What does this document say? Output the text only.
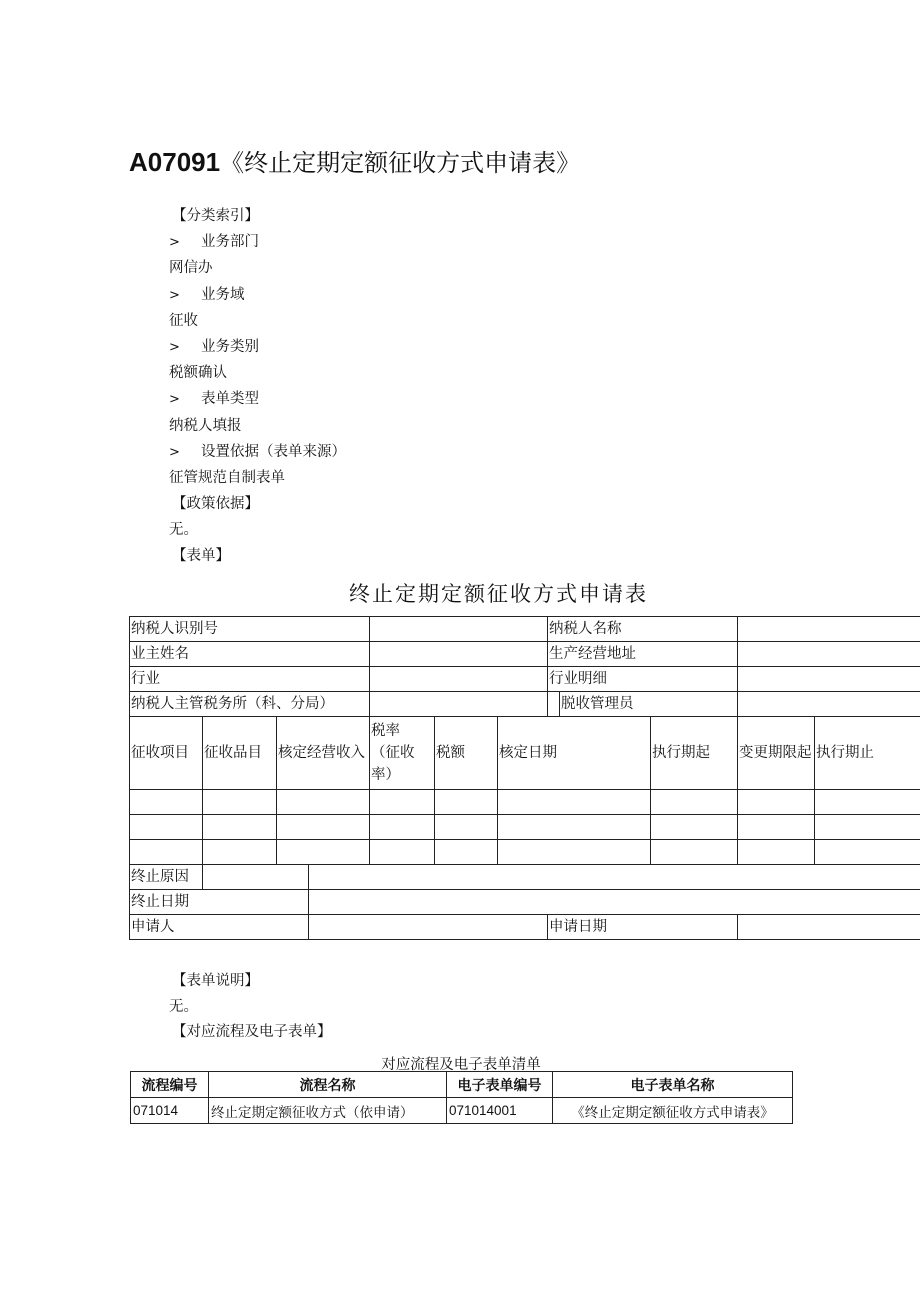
A07091《终止定期定额征收方式申请表》
【分类索引】
> 业务部门
网信办
> 业务域
征收
> 业务类别
税额确认
> 表单类型
纳税人填报
> 设置依据（表单来源）
征管规范自制表单
【政策依据】
无。
【表单】
终止定期定额征收方式申请表
纳税人识别号							纳税人名称				
业主姓名							生产经营地址				
行业							行业明细				
纳税人主管税务所（科、分局）								脱收管理员			
征收项目	征收品目	核定经营收入		税率（征收率）	税额	核定日期			执行期起	变更期限起	执行期止

终止原因											
终止日期											
申请人							申请日期				
【表单说明】
无。
【对应流程及电子表单】
对应流程及电子表单清单
流程编号	流程名称	电子表单编号	电子表单名称
071014	终止定期定额征收方式（依申请）	071014001	《终止定期定额征收方式申请表》
